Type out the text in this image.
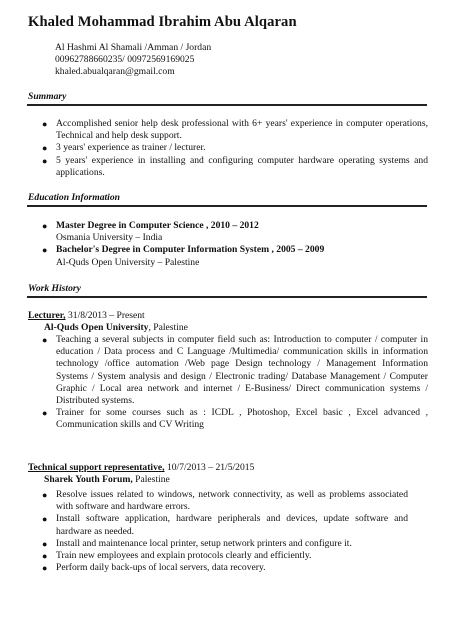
Khaled Mohammad Ibrahim Abu Alqaran
Al Hashmi Al Shamali /Amman / Jordan
00962788660235/ 00972569169025
khaled.abualqaran@gmail.com
Summary
● Accomplished senior help desk professional with 6+ years' experience in computer operations, Technical and help desk support.
● 3 years' experience as trainer / lecturer.
● 5 years' experience in installing and configuring computer hardware operating systems and applications.
Education Information
● Master Degree in Computer Science , 2010 – 2012
Osmania University – India
● Bachelor's Degree in Computer Information System , 2005 – 2009
Al-Quds Open University – Palestine
Work History
Lecturer, 31/8/2013 – Present
Al-Quds Open University, Palestine
● Teaching a several subjects in computer field such as: Introduction to computer / computer in education / Data process and C Language /Multimedia/ communication skills in information technology /office automation /Web page Design technology / Management Information Systems / System analysis and design / Electronic trading/ Database Management / Computer Graphic / Local area network and internet / E-Business/ Direct communication systems / Distributed systems.
● Trainer for some courses such as : ICDL , Photoshop, Excel basic , Excel advanced , Communication skills and CV Writing
Technical support representative, 10/7/2013 – 21/5/2015
Sharek Youth Forum, Palestine
● Resolve issues related to windows, network connectivity, as well as problems associated with software and hardware errors.
● Install software application, hardware peripherals and devices, update software and hardware as needed.
● Install and maintenance local printer, setup network printers and configure it.
● Train new employees and explain protocols clearly and efficiently.
● Perform daily back-ups of local servers, data recovery.
